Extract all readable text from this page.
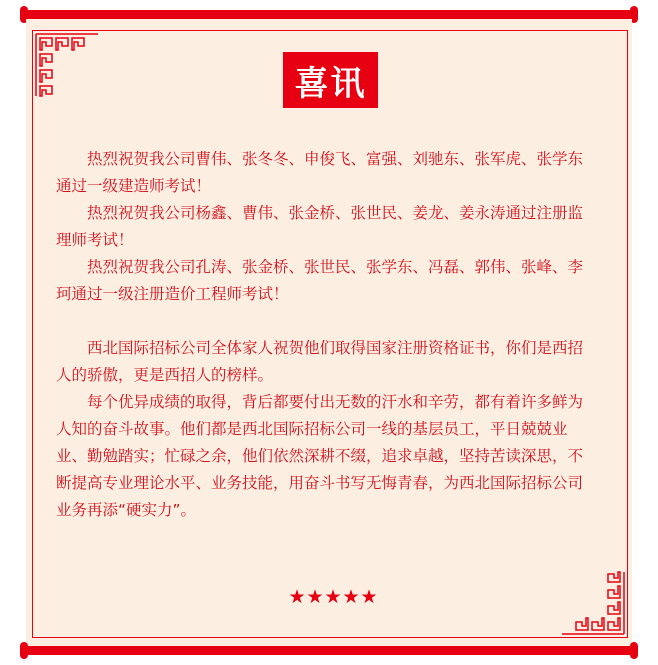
喜讯

热烈祝贺我公司曹伟、张冬冬、申俊飞、富强、刘驰东、张军虎、张学东通过一级建造师考试！

热烈祝贺我公司杨鑫、曹伟、张金桥、张世民、姜龙、姜永涛通过注册监理师考试！

热烈祝贺我公司孔涛、张金桥、张世民、张学东、冯磊、郭伟、张峰、李珂通过一级注册造价工程师考试！

西北国际招标公司全体家人祝贺他们取得国家注册资格证书，你们是西招人的骄傲，更是西招人的榜样。

每个优异成绩的取得，背后都要付出无数的汗水和辛劳，都有着许多鲜为人知的奋斗故事。他们都是西北国际招标公司一线的基层员工，平日兢兢业业、勤勉踏实；忙碌之余，他们依然深耕不缀，追求卓越，坚持苦读深思，不断提高专业理论水平、业务技能，用奋斗书写无悔青春，为西北国际招标公司业务再添“硬实力”。

★ ★ ★ ★ ★
